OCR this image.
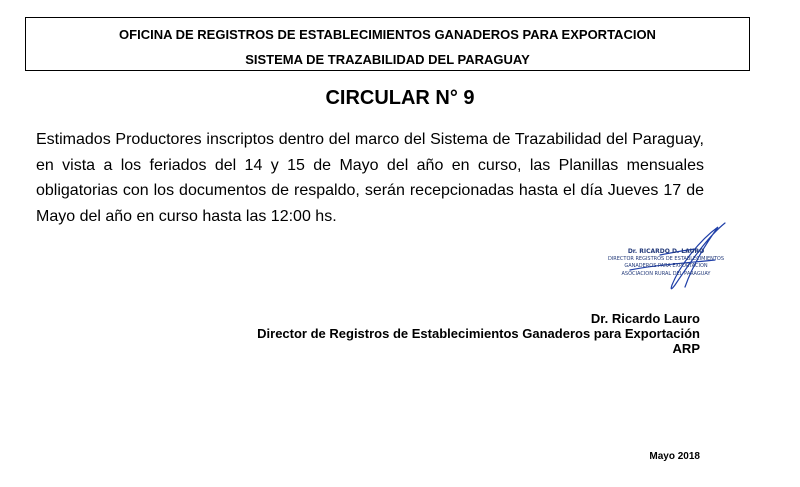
OFICINA DE REGISTROS DE ESTABLECIMIENTOS GANADEROS PARA EXPORTACION
SISTEMA DE TRAZABILIDAD DEL PARAGUAY
CIRCULAR N° 9
Estimados Productores inscriptos dentro del marco del Sistema de Trazabilidad del Paraguay, en vista a los feriados del 14 y 15 de Mayo del año en curso, las Planillas mensuales obligatorias con los documentos de respaldo, serán recepcionadas hasta el día Jueves 17 de Mayo del año en curso hasta las 12:00 hs.
Dr. RICARDO D. LAURO
DIRECTOR REGISTROS DE ESTABLECIMIENTOS
GANADEROS PARA EXPORTACION
ASOCIACION RURAL DEL PARAGUAY
Dr. Ricardo Lauro
Director de Registros de Establecimientos Ganaderos para Exportación
ARP
Mayo 2018
